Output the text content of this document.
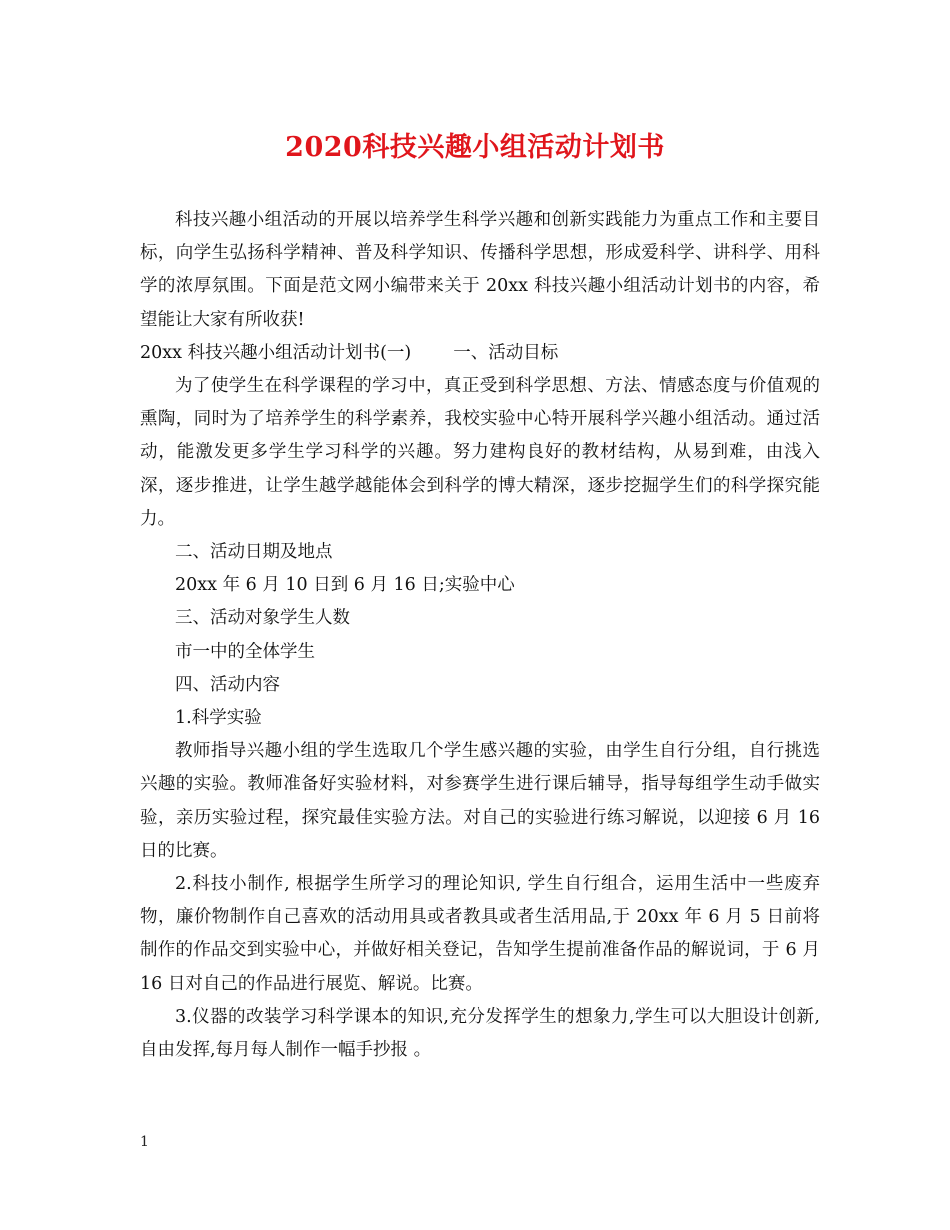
2020科技兴趣小组活动计划书

科技兴趣小组活动的开展以培养学生科学兴趣和创新实践能力为重点工作和主要目标，向学生弘扬科学精神、普及科学知识、传播科学思想，形成爱科学、讲科学、用科学的浓厚氛围。下面是范文网小编带来关于 20xx 科技兴趣小组活动计划书的内容，希望能让大家有所收获!

20xx 科技兴趣小组活动计划书(一) 一、活动目标

为了使学生在科学课程的学习中，真正受到科学思想、方法、情感态度与价值观的熏陶，同时为了培养学生的科学素养，我校实验中心特开展科学兴趣小组活动。通过活动，能激发更多学生学习科学的兴趣。努力建构良好的教材结构，从易到难，由浅入深，逐步推进，让学生越学越能体会到科学的博大精深，逐步挖掘学生们的科学探究能力。

二、活动日期及地点

20xx 年 6 月 10 日到 6 月 16 日;实验中心

三、活动对象学生人数

市一中的全体学生

四、活动内容

1.科学实验

教师指导兴趣小组的学生选取几个学生感兴趣的实验，由学生自行分组，自行挑选兴趣的实验。教师准备好实验材料，对参赛学生进行课后辅导，指导每组学生动手做实验，亲历实验过程，探究最佳实验方法。对自己的实验进行练习解说，以迎接 6 月 16 日的比赛。

2.科技小制作, 根据学生所学习的理论知识, 学生自行组合，运用生活中一些废弃物，廉价物制作自己喜欢的活动用具或者教具或者生活用品,于 20xx 年 6 月 5 日前将制作的作品交到实验中心，并做好相关登记，告知学生提前准备作品的解说词，于 6 月 16 日对自己的作品进行展览、解说。比赛。

3.仪器的改装学习科学课本的知识,充分发挥学生的想象力,学生可以大胆设计创新,自由发挥,每月每人制作一幅手抄报 。

1
